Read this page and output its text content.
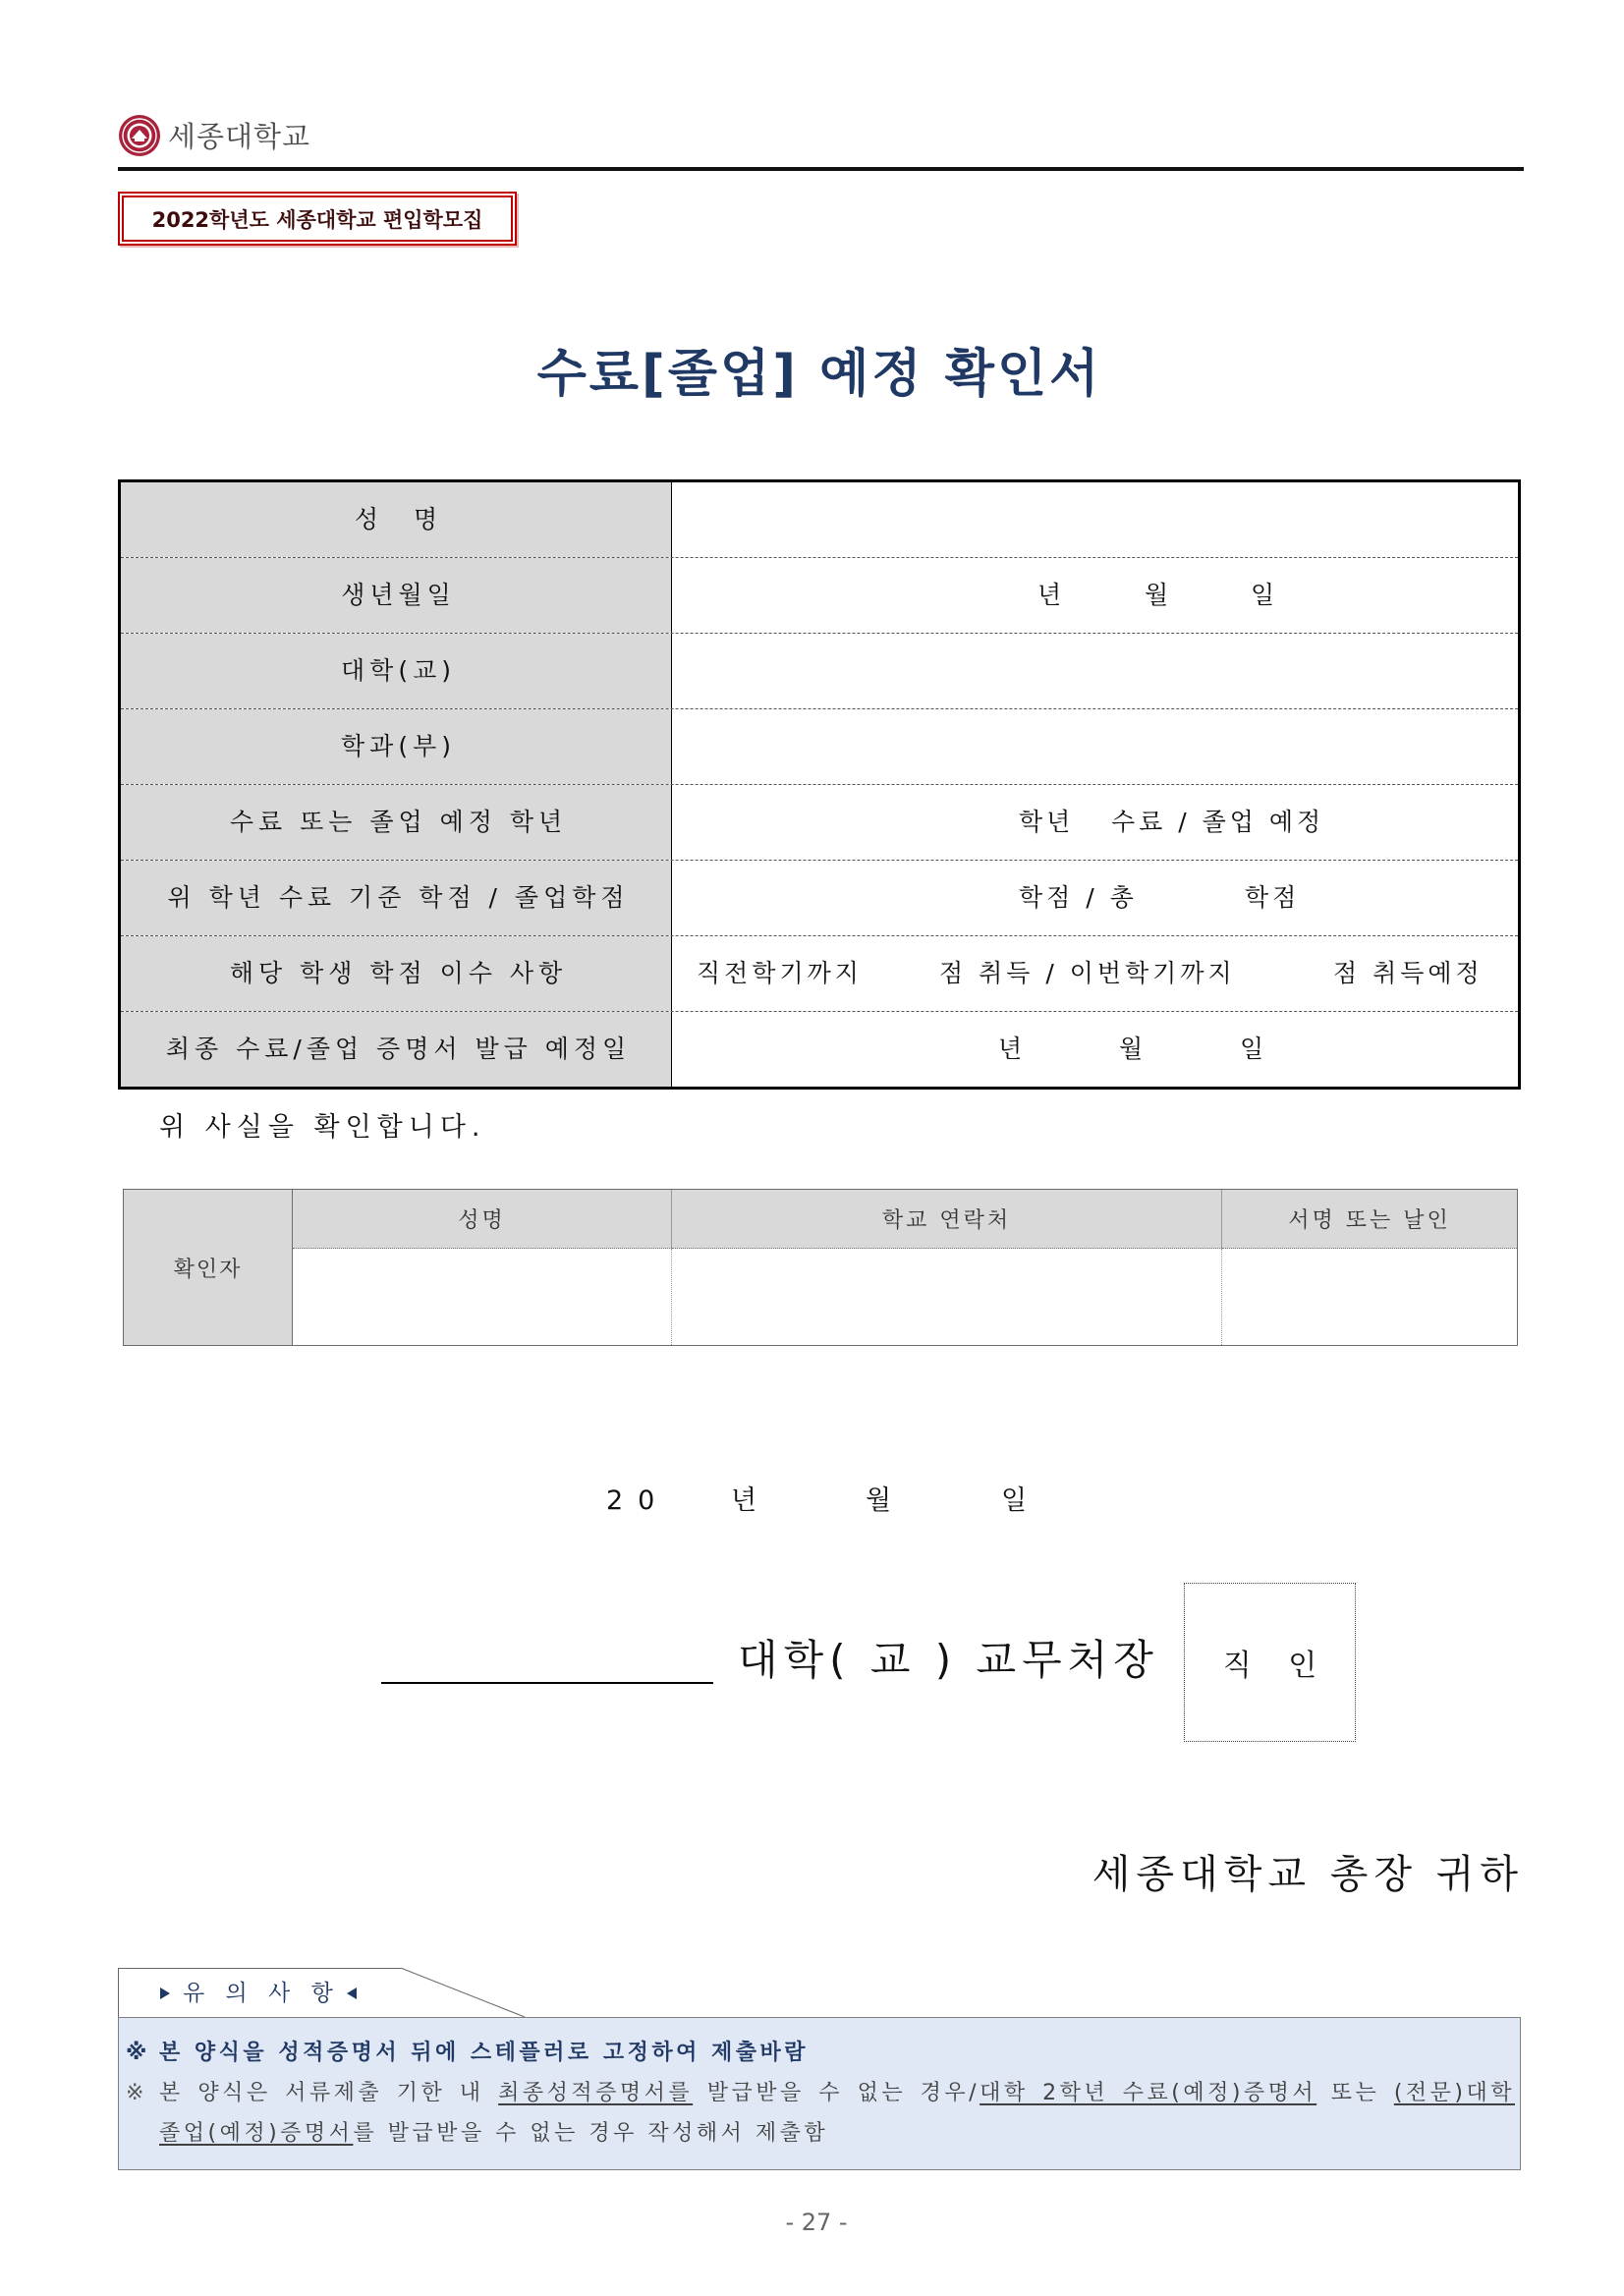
세종대학교
2022학년도 세종대학교 편입학모집
수료[졸업] 예정 확인서
성 명
생년월일	년	월	일
대학(교)
학과(부)
수료 또는 졸업 예정 학년	학년 수료 / 졸업 예정
위 학년 수료 기준 학점 / 졸업학점	학점 / 총	학점
해당 학생 학점 이수 사항	직전학기까지	점 취득 / 이번학기까지	점 취득예정
최종 수료/졸업 증명서 발급 예정일	년	월	일
위 사실을 확인합니다.
확인자
성명	학교 연락처	서명 또는 날인
20 년	월	일
대학( 교 ) 교무처장 직 인
세종대학교 총장 귀하
유 의 사 항
※ 본 양식을 성적증명서 뒤에 스테플러로 고정하여 제출바람
※ 본 양식은 서류제출 기한 내 최종성적증명서를 발급받을 수 없는 경우/대학 2학년 수료(예정)증명서 또는 (전문)대학
졸업(예정)증명서를 발급받을 수 없는 경우 작성해서 제출함
- 27 -
